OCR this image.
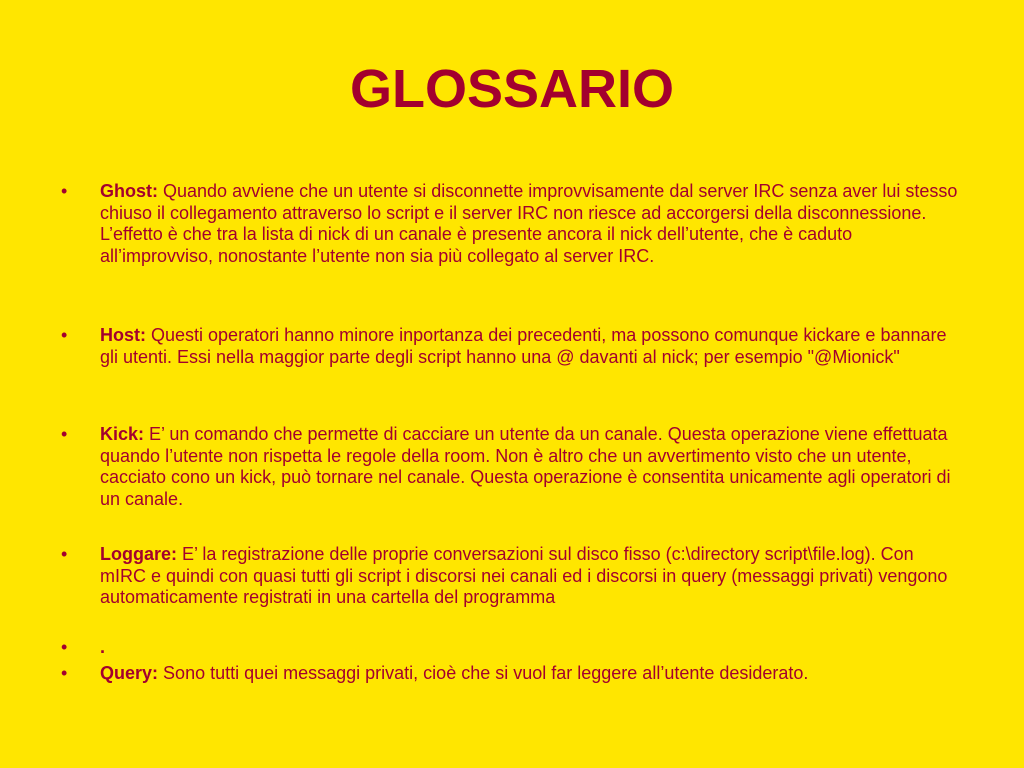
GLOSSARIO
• Ghost: Quando avviene che un utente si disconnette improvvisamente dal server IRC senza aver lui stesso chiuso il collegamento attraverso lo script e il server IRC non riesce ad accorgersi della disconnessione. L’effetto è che tra la lista di nick di un canale è presente ancora il nick dell’utente, che è caduto all’improvviso, nonostante l’utente non sia più collegato al server IRC.
• Host: Questi operatori hanno minore inportanza dei precedenti, ma possono comunque kickare e bannare gli utenti. Essi nella maggior parte degli script hanno una @ davanti al nick; per esempio "@Mionick"
• Kick: E’ un comando che permette di cacciare un utente da un canale. Questa operazione viene effettuata quando l’utente non rispetta le regole della room. Non è altro che un avvertimento visto che un utente, cacciato cono un kick, può tornare nel canale. Questa operazione è consentita unicamente agli operatori di un canale.
• Loggare: E’ la registrazione delle proprie conversazioni sul disco fisso (c:\directory script\file.log). Con mIRC e quindi con quasi tutti gli script i discorsi nei canali ed i discorsi in query (messaggi privati) vengono automaticamente registrati in una cartella del programma
• .
• Query: Sono tutti quei messaggi privati, cioè che si vuol far leggere all’utente desiderato.
